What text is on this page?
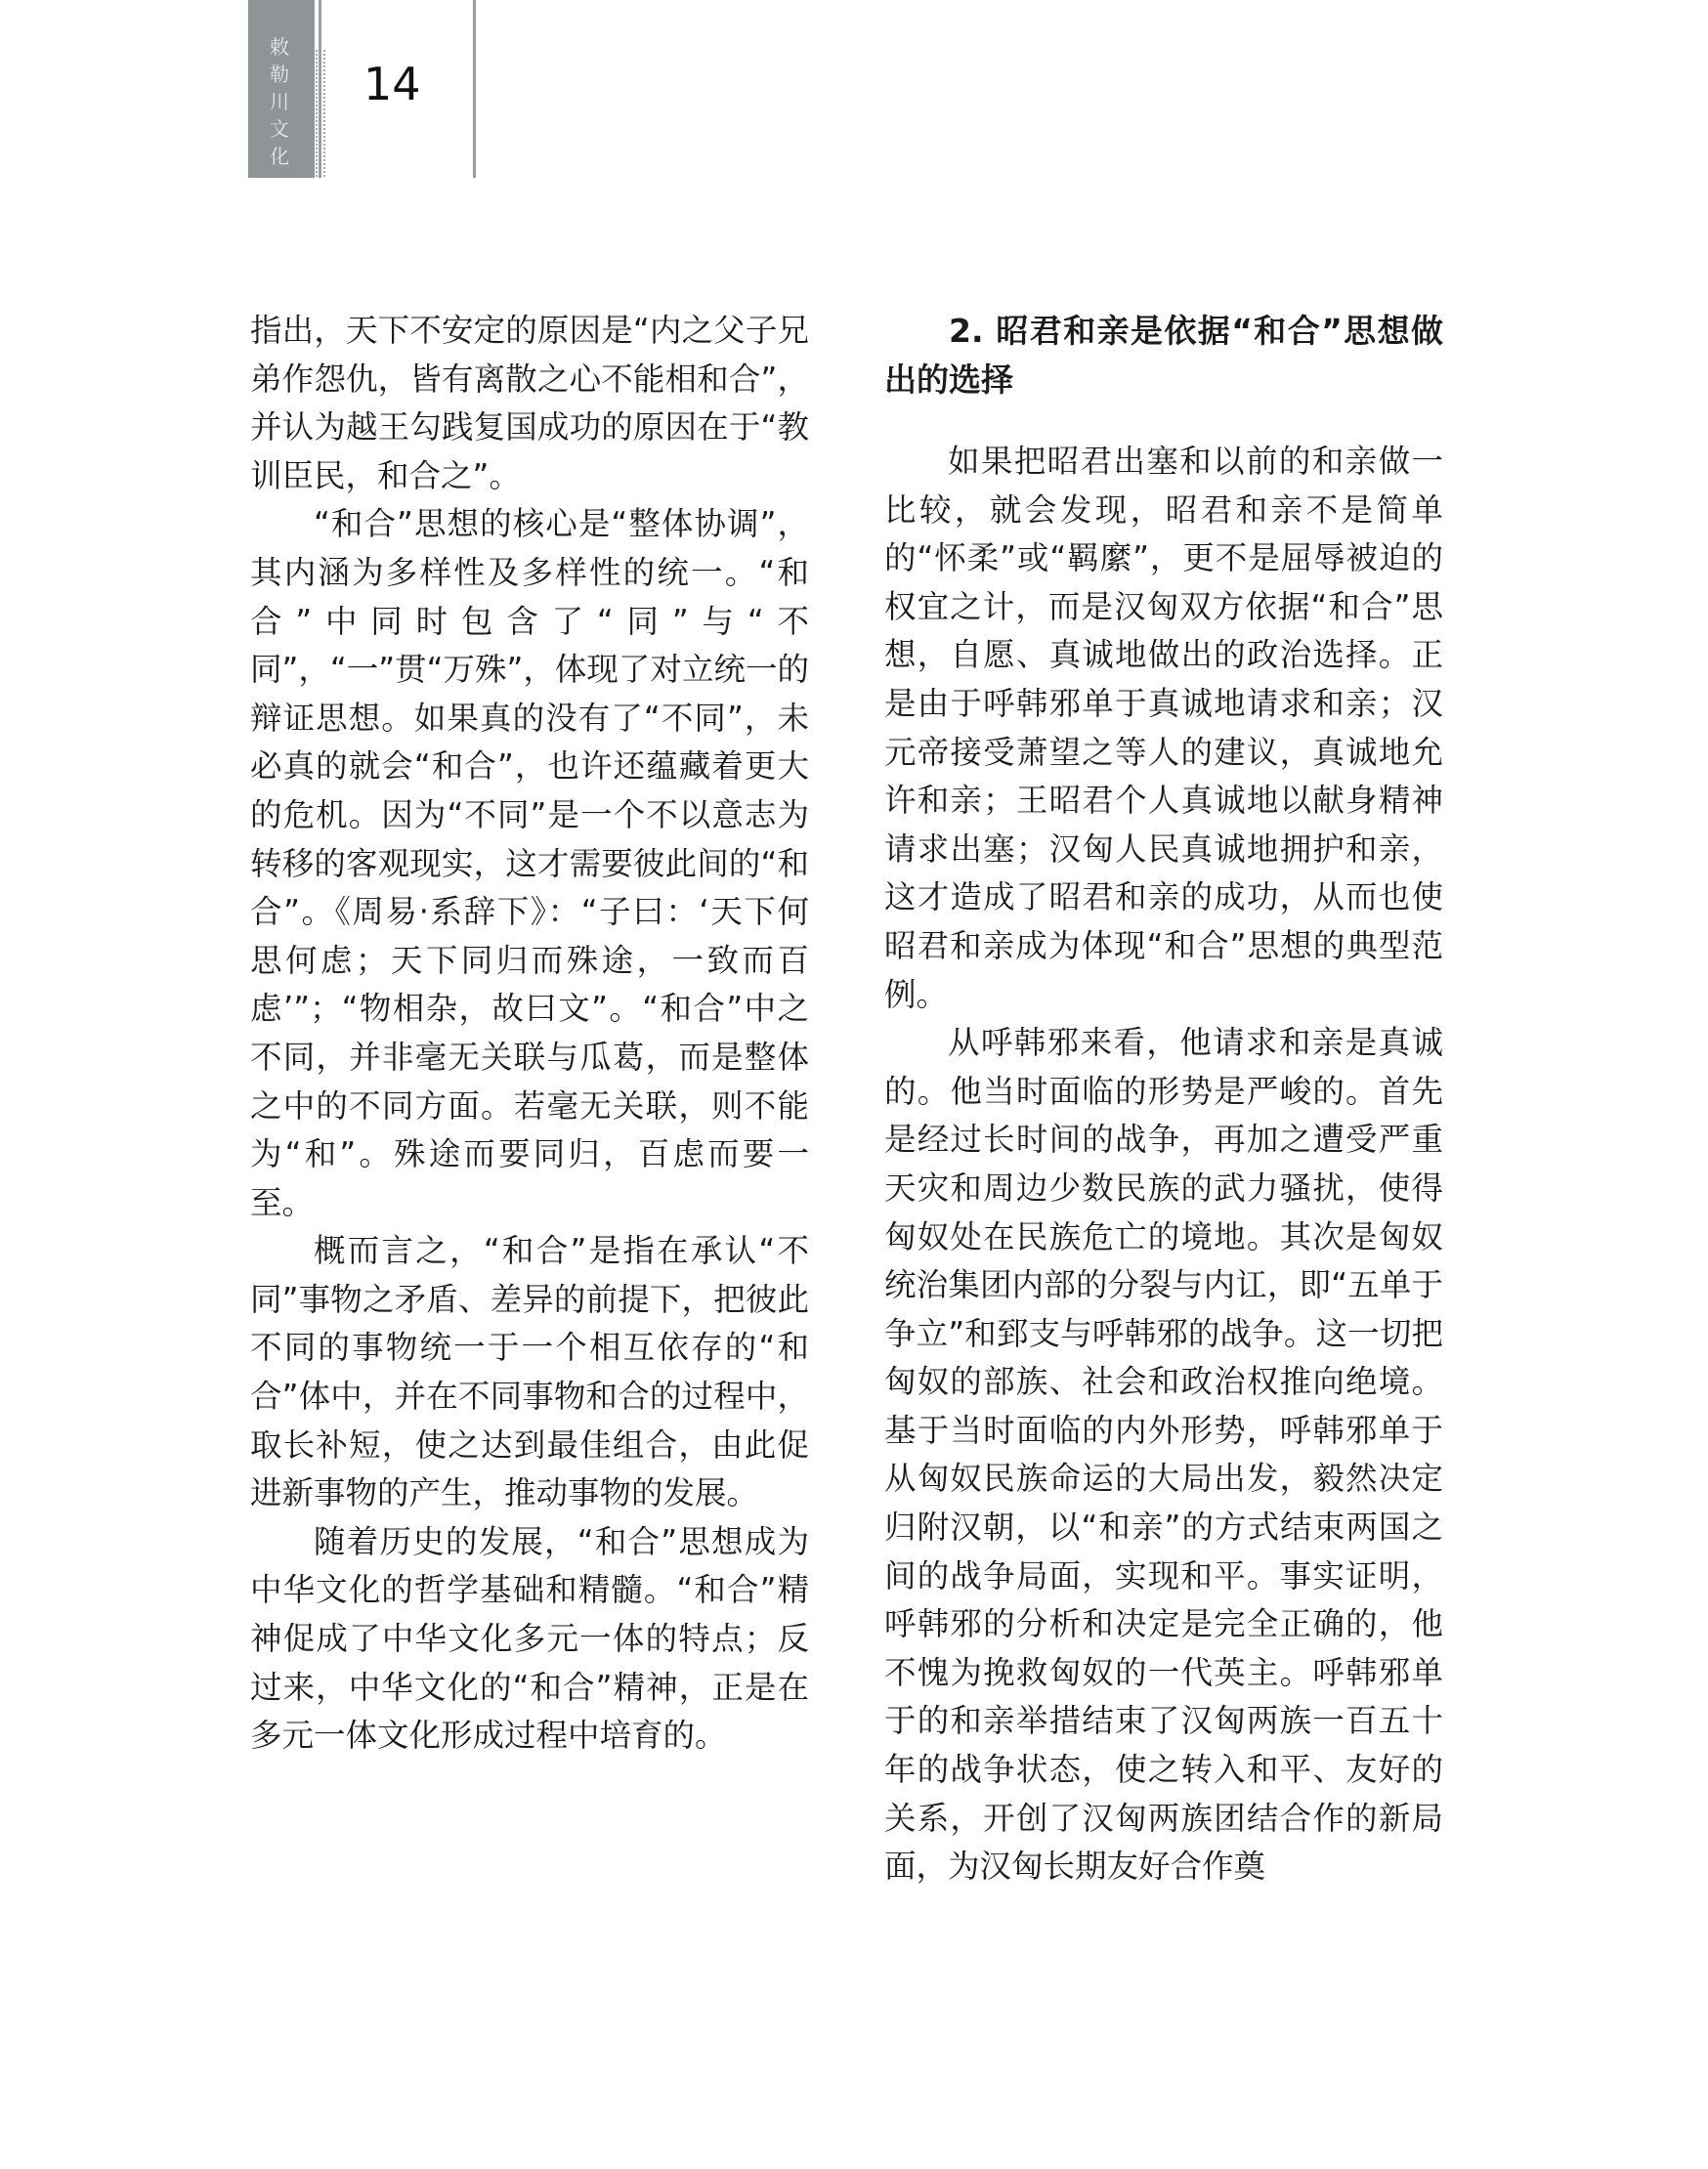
敕勒川文化
14

指出，天下不安定的原因是“内之父子兄弟作怨仇，皆有离散之心不能相和合”，并认为越王勾践复国成功的原因在于“教训臣民，和合之”。

“和合”思想的核心是“整体协调”，其内涵为多样性及多样性的统一。“和合”中同时包含了“同”与“不同”，“一”贯“万殊”，体现了对立统一的辩证思想。如果真的没有了“不同”，未必真的就会“和合”，也许还蕴藏着更大的危机。因为“不同”是一个不以意志为转移的客观现实，这才需要彼此间的“和合”。《周易·系辞下》：“子曰：‘天下何思何虑；天下同归而殊途，一致而百虑’”；“物相杂，故曰文”。“和合”中之不同，并非毫无关联与瓜葛，而是整体之中的不同方面。若毫无关联，则不能为“和”。殊途而要同归，百虑而要一至。

概而言之，“和合”是指在承认“不同”事物之矛盾、差异的前提下，把彼此不同的事物统一于一个相互依存的“和合”体中，并在不同事物和合的过程中，取长补短，使之达到最佳组合，由此促进新事物的产生，推动事物的发展。

随着历史的发展，“和合”思想成为中华文化的哲学基础和精髓。“和合”精神促成了中华文化多元一体的特点；反过来，中华文化的“和合”精神，正是在多元一体文化形成过程中培育的。

2. 昭君和亲是依据“和合”思想做出的选择

如果把昭君出塞和以前的和亲做一比较，就会发现，昭君和亲不是简单的“怀柔”或“羁縻”，更不是屈辱被迫的权宜之计，而是汉匈双方依据“和合”思想，自愿、真诚地做出的政治选择。正是由于呼韩邪单于真诚地请求和亲；汉元帝接受萧望之等人的建议，真诚地允许和亲；王昭君个人真诚地以献身精神请求出塞；汉匈人民真诚地拥护和亲，这才造成了昭君和亲的成功，从而也使昭君和亲成为体现“和合”思想的典型范例。

从呼韩邪来看，他请求和亲是真诚的。他当时面临的形势是严峻的。首先是经过长时间的战争，再加之遭受严重天灾和周边少数民族的武力骚扰，使得匈奴处在民族危亡的境地。其次是匈奴统治集团内部的分裂与内讧，即“五单于争立”和郅支与呼韩邪的战争。这一切把匈奴的部族、社会和政治权推向绝境。基于当时面临的内外形势，呼韩邪单于从匈奴民族命运的大局出发，毅然决定归附汉朝，以“和亲”的方式结束两国之间的战争局面，实现和平。事实证明，呼韩邪的分析和决定是完全正确的，他不愧为挽救匈奴的一代英主。呼韩邪单于的和亲举措结束了汉匈两族一百五十年的战争状态，使之转入和平、友好的关系，开创了汉匈两族团结合作的新局面，为汉匈长期友好合作奠
